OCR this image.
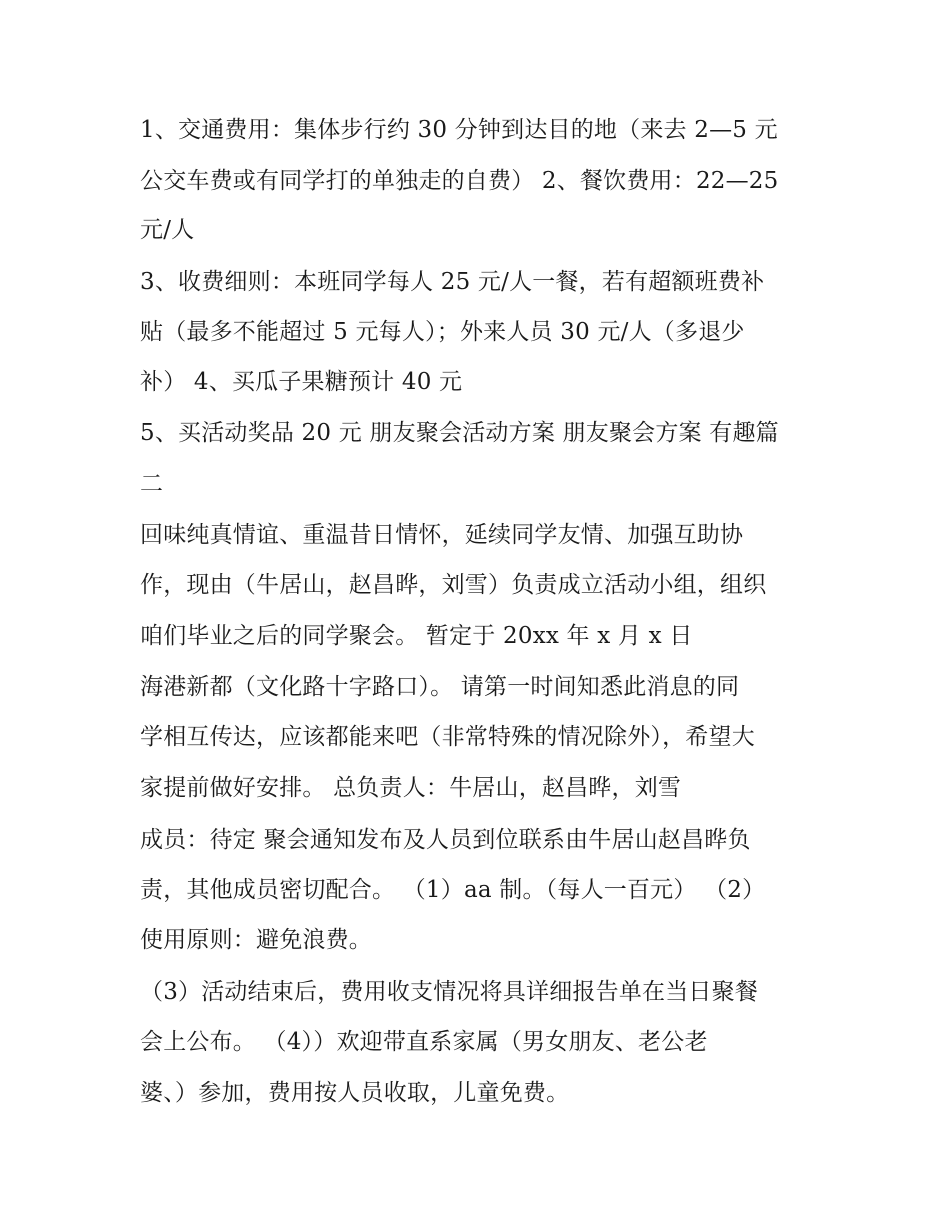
1、交通费用：集体步行约 30 分钟到达目的地（来去 2—5 元
公交车费或有同学打的单独走的自费） 2、餐饮费用：22—25
元/人
3、收费细则：本班同学每人 25 元/人一餐，若有超额班费补
贴（最多不能超过 5 元每人）；外来人员 30 元/人（多退少
补） 4、买瓜子果糖预计 40 元
5、买活动奖品 20 元 朋友聚会活动方案 朋友聚会方案 有趣篇
二
回味纯真情谊、重温昔日情怀，延续同学友情、加强互助协
作，现由（牛居山，赵昌晔，刘雪）负责成立活动小组，组织
咱们毕业之后的同学聚会。 暂定于 20xx 年 x 月 x 日
海港新都（文化路十字路口）。 请第一时间知悉此消息的同
学相互传达，应该都能来吧（非常特殊的情况除外），希望大
家提前做好安排。 总负责人：牛居山，赵昌晔，刘雪
成员：待定 聚会通知发布及人员到位联系由牛居山赵昌晔负
责，其他成员密切配合。 （1）aa 制。（每人一百元） （2）
使用原则：避免浪费。
（3）活动结束后，费用收支情况将具详细报告单在当日聚餐
会上公布。 （4））欢迎带直系家属（男女朋友、老公老
婆、）参加，费用按人员收取，儿童免费。
